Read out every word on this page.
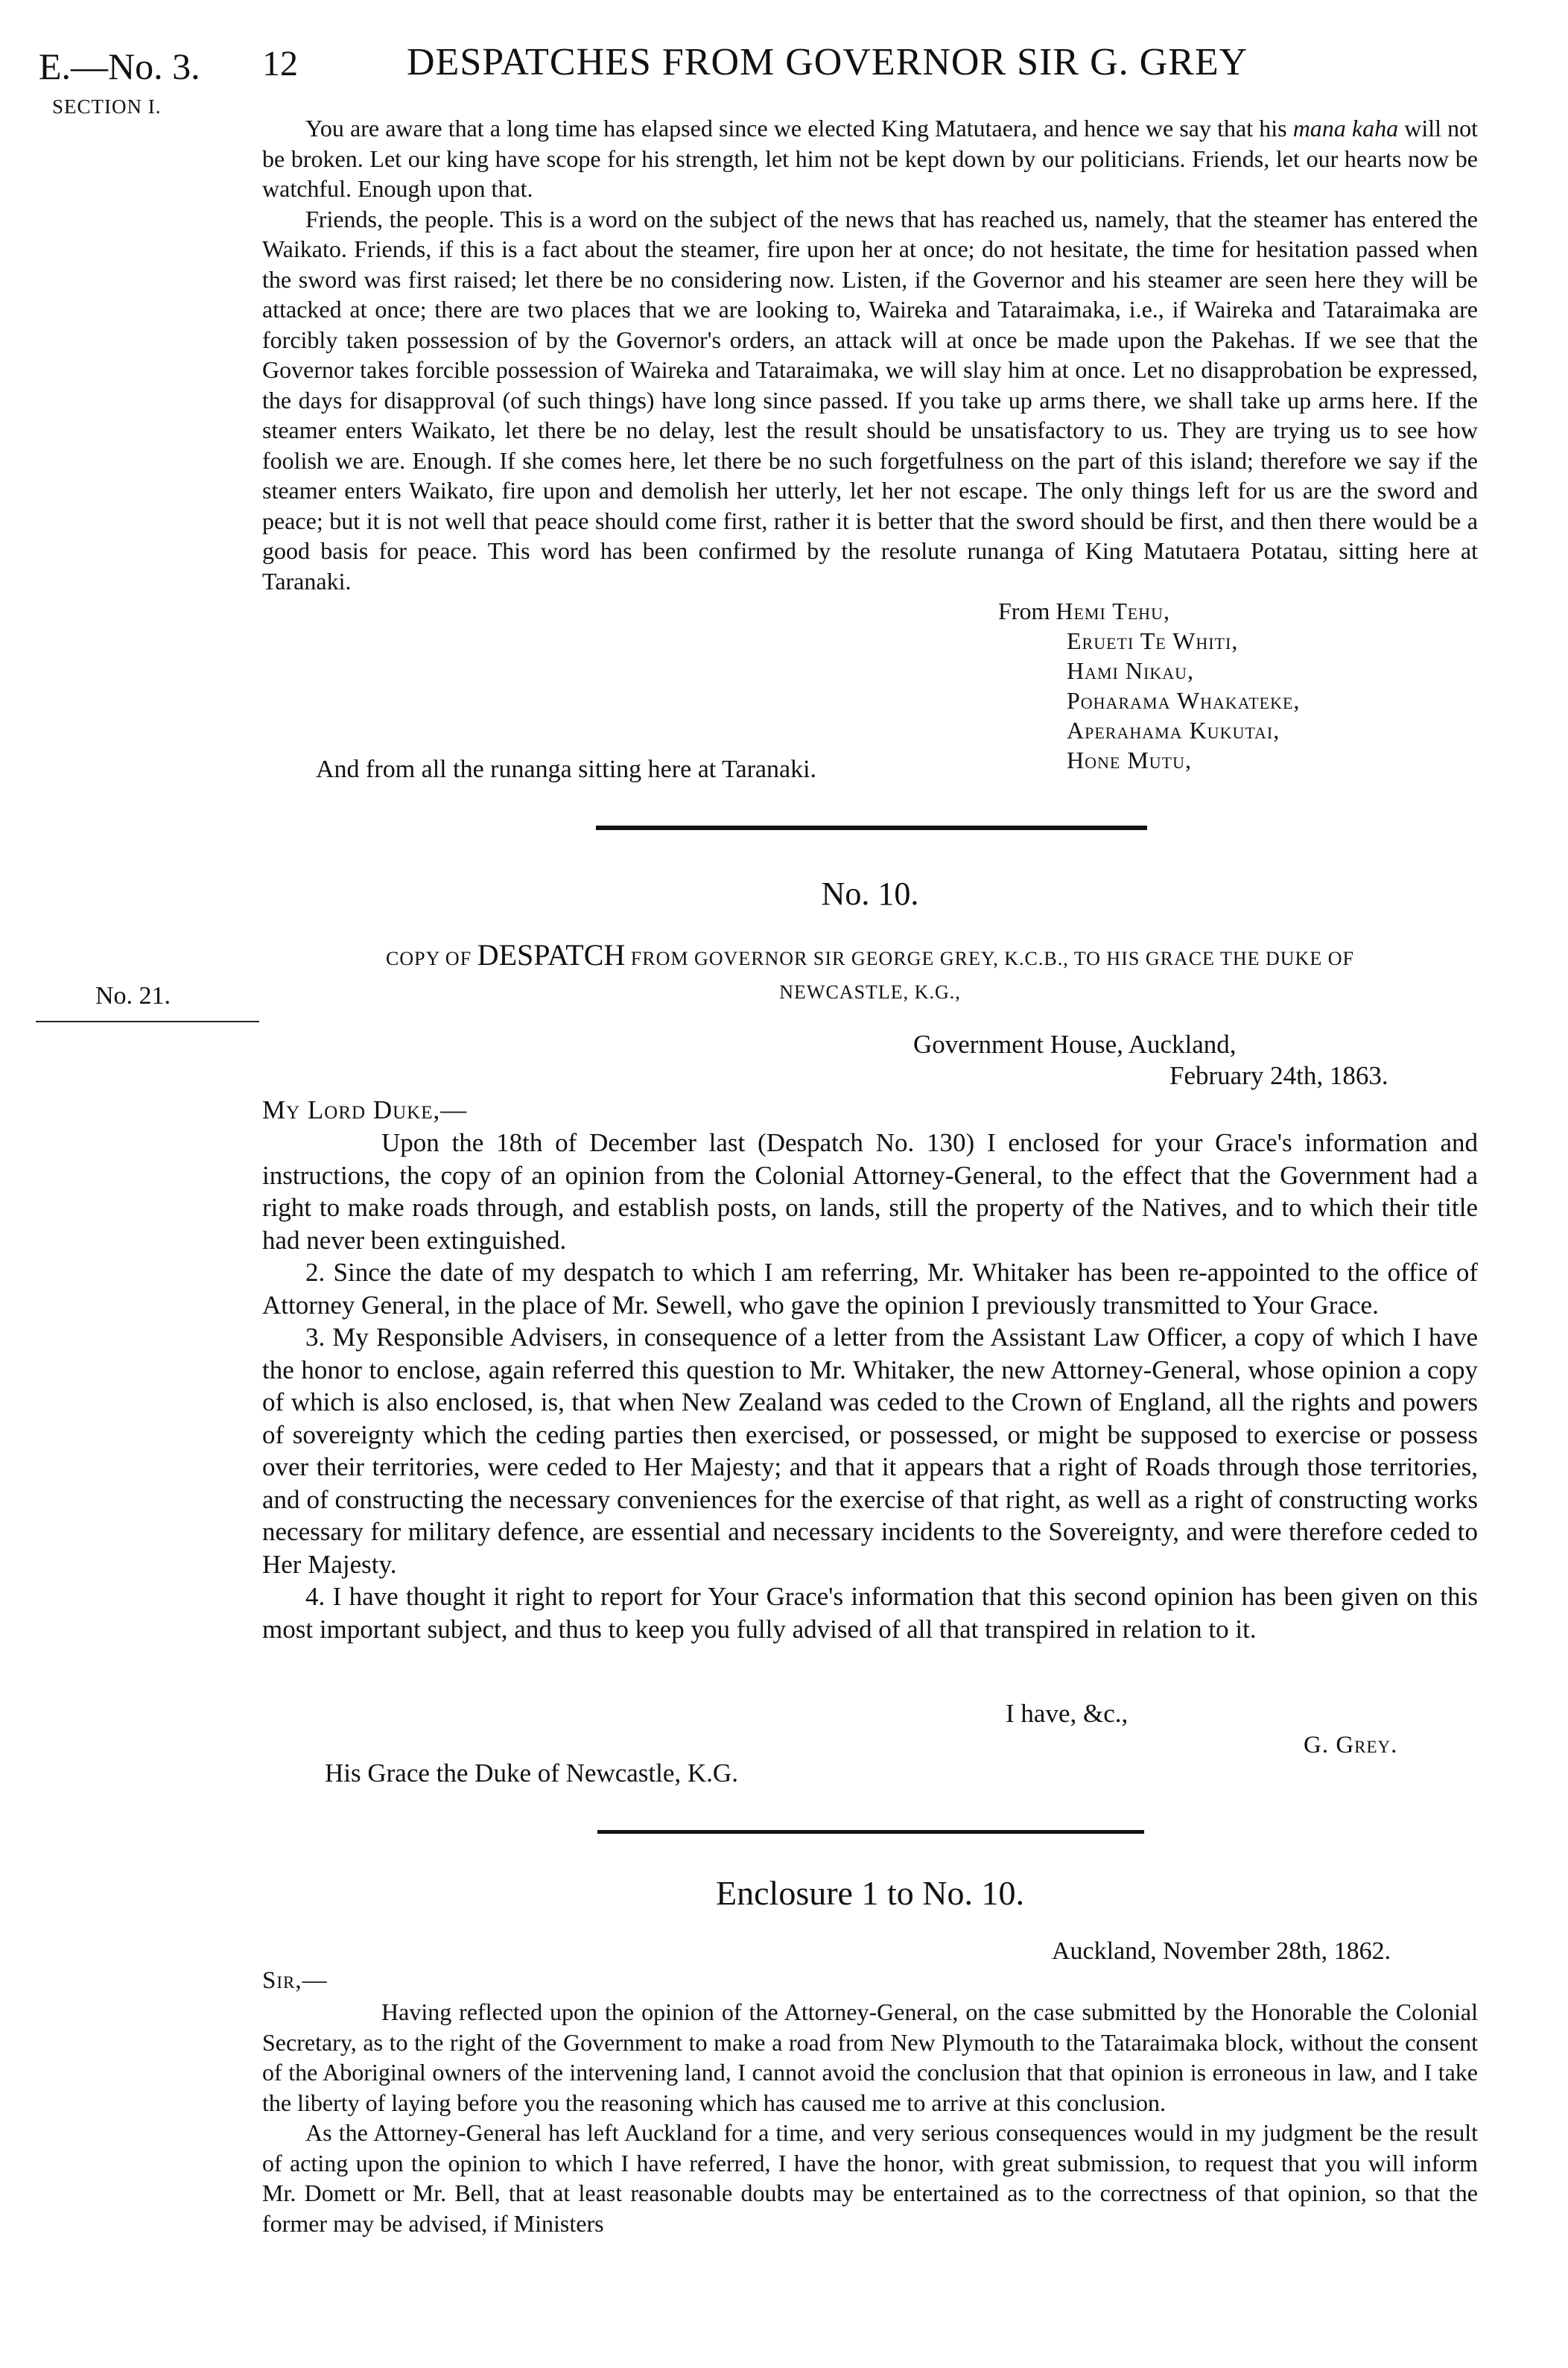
E.—No. 3.
SECTION I.
12	DESPATCHES FROM GOVERNOR SIR G. GREY
No. 21.

You are aware that a long time has elapsed since we elected King Matutaera, and hence we say that his mana kaha will not be broken. Let our king have scope for his strength, let him not be kept down by our politicians. Friends, let our hearts now be watchful. Enough upon that.

Friends, the people. This is a word on the subject of the news that has reached us, namely, that the steamer has entered the Waikato. Friends, if this is a fact about the steamer, fire upon her at once; do not hesitate, the time for hesitation passed when the sword was first raised; let there be no considering now. Listen, if the Governor and his steamer are seen here they will be attacked at once; there are two places that we are looking to, Waireka and Tataraimaka, i.e., if Waireka and Tataraimaka are forcibly taken possession of by the Governor's orders, an attack will at once be made upon the Pakehas. If we see that the Governor takes forcible possession of Waireka and Tataraimaka, we will slay him at once. Let no disapprobation be expressed, the days for disapproval (of such things) have long since passed. If you take up arms there, we shall take up arms here. If the steamer enters Waikato, let there be no delay, lest the result should be unsatisfactory to us. They are trying us to see how foolish we are. Enough. If she comes here, let there be no such forgetfulness on the part of this island; therefore we say if the steamer enters Waikato, fire upon and demolish her utterly, let her not escape. The only things left for us are the sword and peace; but it is not well that peace should come first, rather it is better that the sword should be first, and then there would be a good basis for peace. This word has been confirmed by the resolute runanga of King Matutaera Potatau, sitting here at Taranaki.

From Hemi Tehu,
Erueti Te Whiti,
Hami Nikau,
Poharama Whakateke,
Aperahama Kukutai,
Hone Mutu,
And from all the runanga sitting here at Taranaki.
No. 10.
COPY OF DESPATCH FROM GOVERNOR SIR GEORGE GREY, K.C.B., TO HIS GRACE THE DUKE OF
NEWCASTLE, K.G.,
Government House, Auckland,
February 24th, 1863.
My Lord Duke,—

Upon the 18th of December last (Despatch No. 130) I enclosed for your Grace's information and instructions, the copy of an opinion from the Colonial Attorney-General, to the effect that the Government had a right to make roads through, and establish posts, on lands, still the property of the Natives, and to which their title had never been extinguished.

2. Since the date of my despatch to which I am referring, Mr. Whitaker has been re-appointed to the office of Attorney General, in the place of Mr. Sewell, who gave the opinion I previously transmitted to Your Grace.

3. My Responsible Advisers, in consequence of a letter from the Assistant Law Officer, a copy of which I have the honor to enclose, again referred this question to Mr. Whitaker, the new Attorney-General, whose opinion a copy of which is also enclosed, is, that when New Zealand was ceded to the Crown of England, all the rights and powers of sovereignty which the ceding parties then exercised, or possessed, or might be supposed to exercise or possess over their territories, were ceded to Her Majesty; and that it appears that a right of Roads through those territories, and of constructing the necessary conveniences for the exercise of that right, as well as a right of constructing works necessary for military defence, are essential and necessary incidents to the Sovereignty, and were therefore ceded to Her Majesty.

4. I have thought it right to report for Your Grace's information that this second opinion has been given on this most important subject, and thus to keep you fully advised of all that transpired in relation to it.

I have, &c.,
G. Grey.
His Grace the Duke of Newcastle, K.G.
Enclosure 1 to No. 10.
Auckland, November 28th, 1862.
Sir,—

Having reflected upon the opinion of the Attorney-General, on the case submitted by the Honorable the Colonial Secretary, as to the right of the Government to make a road from New Plymouth to the Tataraimaka block, without the consent of the Aboriginal owners of the intervening land, I cannot avoid the conclusion that that opinion is erroneous in law, and I take the liberty of laying before you the reasoning which has caused me to arrive at this conclusion.

As the Attorney-General has left Auckland for a time, and very serious consequences would in my judgment be the result of acting upon the opinion to which I have referred, I have the honor, with great submission, to request that you will inform Mr. Domett or Mr. Bell, that at least reasonable doubts may be entertained as to the correctness of that opinion, so that the former may be advised, if Ministers
